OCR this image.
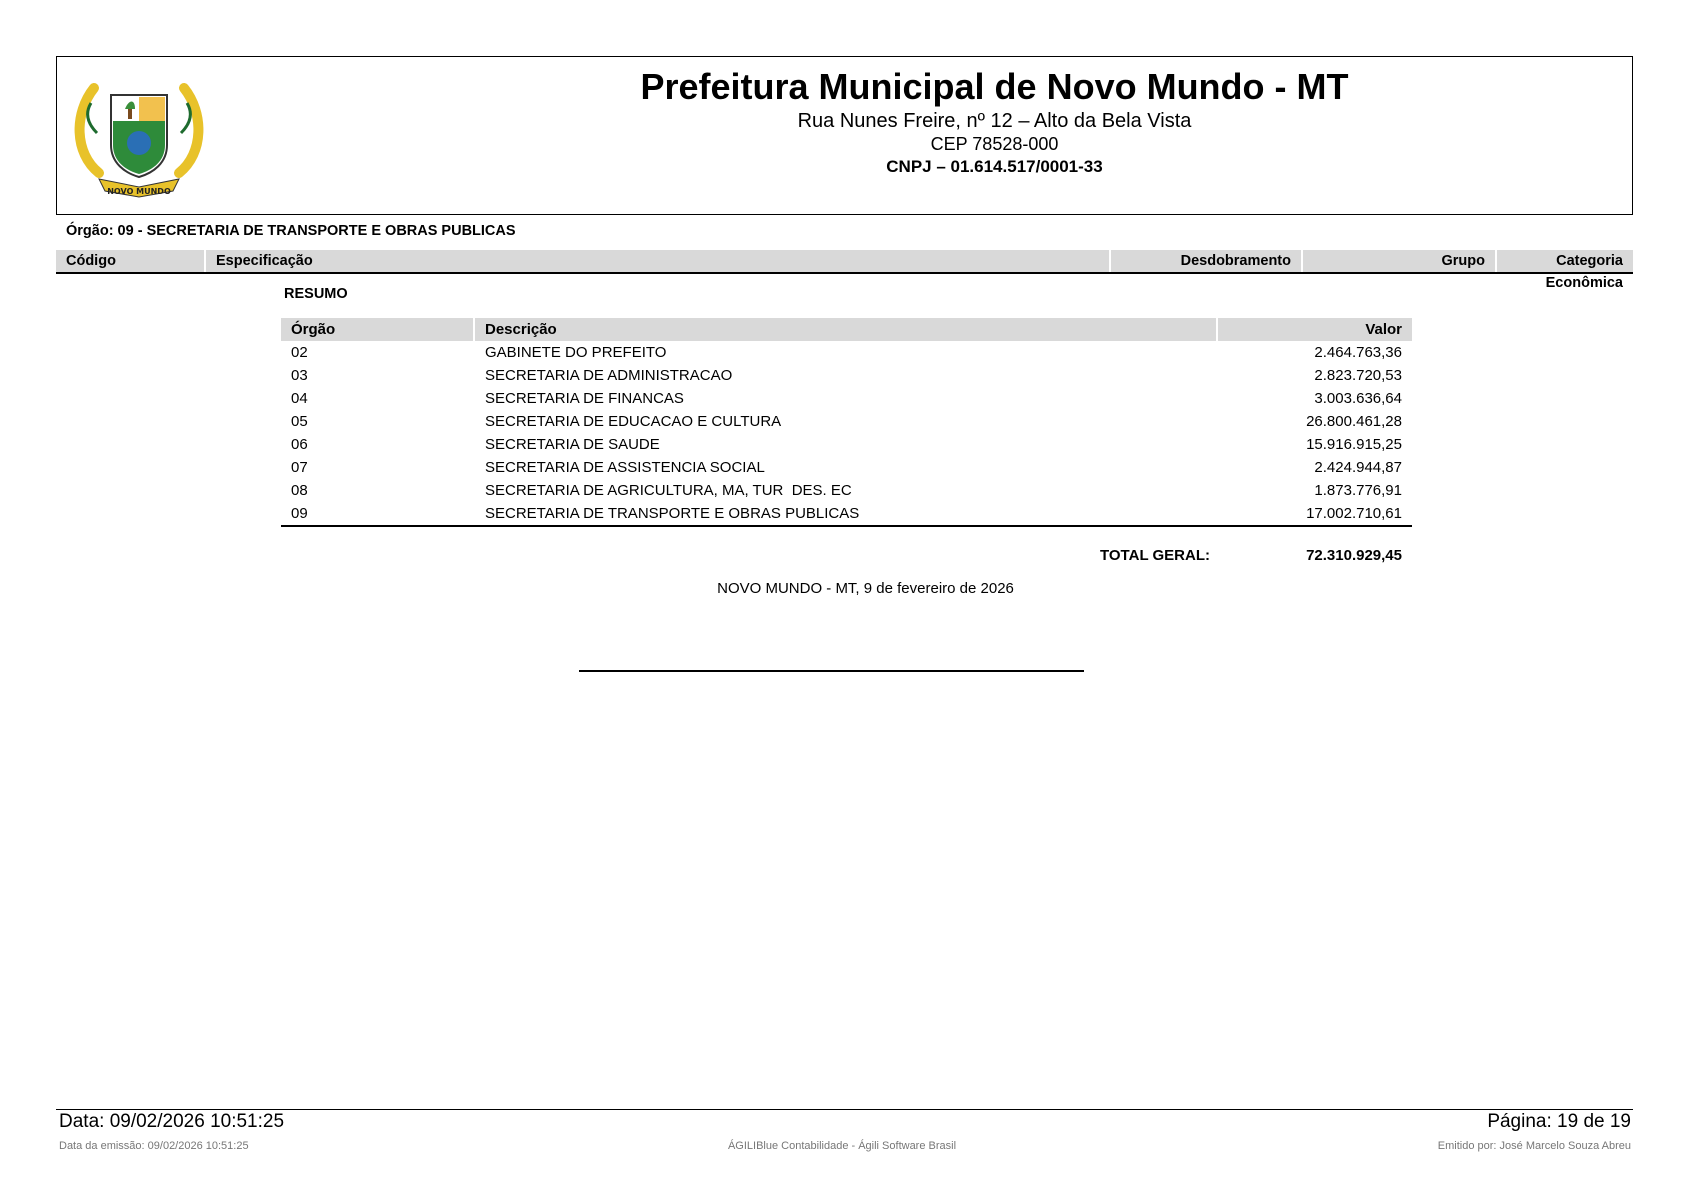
NOVO MUNDO
Prefeitura Municipal de Novo Mundo - MT
Rua Nunes Freire, nº 12 – Alto da Bela Vista
CEP 78528-000
CNPJ – 01.614.517/0001-33
Órgão: 09 - SECRETARIA DE TRANSPORTE E OBRAS PUBLICAS
Código	Especificação	Desdobramento	Grupo	Categoria Econômica
RESUMO
Órgão	Descrição	Valor
02	GABINETE DO PREFEITO	2.464.763,36
03	SECRETARIA DE ADMINISTRACAO	2.823.720,53
04	SECRETARIA DE FINANCAS	3.003.636,64
05	SECRETARIA DE EDUCACAO E CULTURA	26.800.461,28
06	SECRETARIA DE SAUDE	15.916.915,25
07	SECRETARIA DE ASSISTENCIA SOCIAL	2.424.944,87
08	SECRETARIA DE AGRICULTURA, MA, TUR  DES. EC	1.873.776,91
09	SECRETARIA DE TRANSPORTE E OBRAS PUBLICAS	17.002.710,61
TOTAL GERAL:	72.310.929,45
NOVO MUNDO - MT, 9 de fevereiro de 2026
Data: 09/02/2026 10:51:25	Página: 19 de 19
Data da emissão: 09/02/2026 10:51:25	ÁGILIBlue Contabilidade - Ágili Software Brasil	Emitido por: José Marcelo Souza Abreu
